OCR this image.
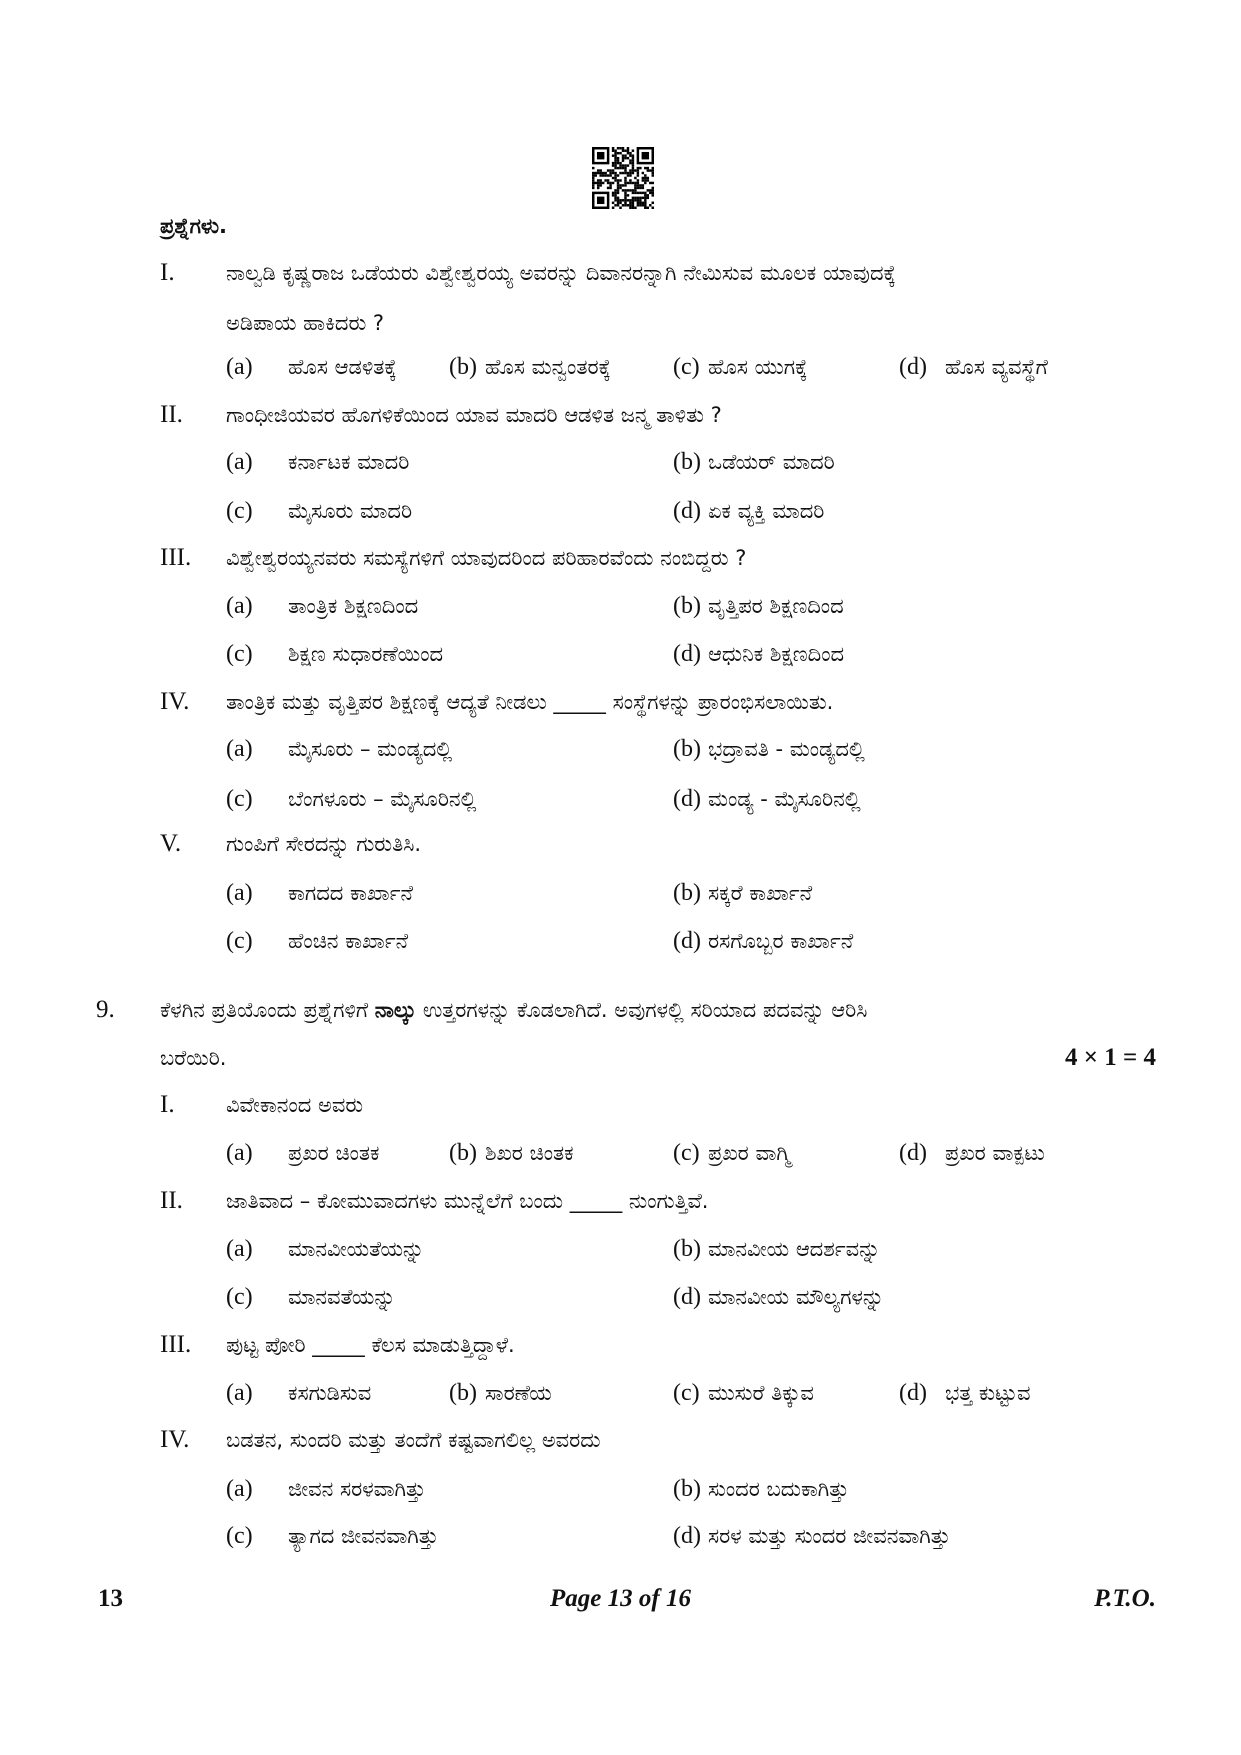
ಪ್ರಶ್ನೆಗಳು.
I. ನಾಲ್ವಡಿ ಕೃಷ್ಣರಾಜ ಒಡೆಯರು ವಿಶ್ವೇಶ್ವರಯ್ಯ ಅವರನ್ನು ದಿವಾನರನ್ನಾಗಿ ನೇಮಿಸುವ ಮೂಲಕ ಯಾವುದಕ್ಕೆ
ಅಡಿಪಾಯ ಹಾಕಿದರು ?
(a) ಹೊಸ ಆಡಳಿತಕ್ಕೆ (b) ಹೊಸ ಮನ್ವಂತರಕ್ಕೆ	(c) ಹೊಸ ಯುಗಕ್ಕೆ	(d) ಹೊಸ ವ್ಯವಸ್ಥೆಗೆ
II. ಗಾಂಧೀಜಿಯವರ ಹೊಗಳಿಕೆಯಿಂದ ಯಾವ ಮಾದರಿ ಆಡಳಿತ ಜನ್ಮ ತಾಳಿತು ?
(a) ಕರ್ನಾಟಕ ಮಾದರಿ	(b) ಒಡೆಯರ್ ಮಾದರಿ
(c) ಮೈಸೂರು ಮಾದರಿ	(d) ಏಕ ವ್ಯಕ್ತಿ ಮಾದರಿ
III. ವಿಶ್ವೇಶ್ವರಯ್ಯನವರು ಸಮಸ್ಯೆಗಳಿಗೆ ಯಾವುದರಿಂದ ಪರಿಹಾರವೆಂದು ನಂಬಿದ್ದರು ?
(a) ತಾಂತ್ರಿಕ ಶಿಕ್ಷಣದಿಂದ	(b) ವೃತ್ತಿಪರ ಶಿಕ್ಷಣದಿಂದ
(c) ಶಿಕ್ಷಣ ಸುಧಾರಣೆಯಿಂದ	(d) ಆಧುನಿಕ ಶಿಕ್ಷಣದಿಂದ
IV. ತಾಂತ್ರಿಕ ಮತ್ತು ವೃತ್ತಿಪರ ಶಿಕ್ಷಣಕ್ಕೆ ಆದ್ಯತೆ ನೀಡಲು _____ ಸಂಸ್ಥೆಗಳನ್ನು ಪ್ರಾರಂಭಿಸಲಾಯಿತು.
(a) ಮೈಸೂರು – ಮಂಡ್ಯದಲ್ಲಿ	(b) ಭದ್ರಾವತಿ - ಮಂಡ್ಯದಲ್ಲಿ
(c) ಬೆಂಗಳೂರು – ಮೈಸೂರಿನಲ್ಲಿ	(d) ಮಂಡ್ಯ - ಮೈಸೂರಿನಲ್ಲಿ
V. ಗುಂಪಿಗೆ ಸೇರದನ್ನು ಗುರುತಿಸಿ.
(a) ಕಾಗದದ ಕಾರ್ಖಾನೆ	(b) ಸಕ್ಕರೆ ಕಾರ್ಖಾನೆ
(c) ಹೆಂಚಿನ ಕಾರ್ಖಾನೆ	(d) ರಸಗೊಬ್ಬರ ಕಾರ್ಖಾನೆ
9. ಕೆಳಗಿನ ಪ್ರತಿಯೊಂದು ಪ್ರಶ್ನೆಗಳಿಗೆ ನಾಲ್ಕು ಉತ್ತರಗಳನ್ನು ಕೊಡಲಾಗಿದೆ. ಅವುಗಳಲ್ಲಿ ಸರಿಯಾದ ಪದವನ್ನು ಆರಿಸಿ
ಬರೆಯಿರಿ.	4 × 1 = 4
I. ವಿವೇಕಾನಂದ ಅವರು
(a) ಪ್ರಖರ ಚಿಂತಕ	(b) ಶಿಖರ ಚಿಂತಕ	(c) ಪ್ರಖರ ವಾಗ್ಮಿ	(d) ಪ್ರಖರ ವಾಕ್ಪಟು
II. ಜಾತಿವಾದ – ಕೋಮುವಾದಗಳು ಮುನ್ನೆಲೆಗೆ ಬಂದು _____ ನುಂಗುತ್ತಿವೆ.
(a) ಮಾನವೀಯತೆಯನ್ನು	(b) ಮಾನವೀಯ ಆದರ್ಶವನ್ನು
(c) ಮಾನವತೆಯನ್ನು	(d) ಮಾನವೀಯ ಮೌಲ್ಯಗಳನ್ನು
III. ಪುಟ್ಟ ಪೋರಿ _____ ಕೆಲಸ ಮಾಡುತ್ತಿದ್ದಾಳೆ.
(a) ಕಸಗುಡಿಸುವ	(b) ಸಾರಣೆಯ	(c) ಮುಸುರೆ ತಿಕ್ಕುವ	(d) ಭತ್ತ ಕುಟ್ಟುವ
IV. ಬಡತನ, ಸುಂದರಿ ಮತ್ತು ತಂದೆಗೆ ಕಷ್ಟವಾಗಲಿಲ್ಲ ಅವರದು
(a) ಜೀವನ ಸರಳವಾಗಿತ್ತು	(b) ಸುಂದರ ಬದುಕಾಗಿತ್ತು
(c) ತ್ಯಾಗದ ಜೀವನವಾಗಿತ್ತು	(d) ಸರಳ ಮತ್ತು ಸುಂದರ ಜೀವನವಾಗಿತ್ತು
13	Page 13 of 16	P.T.O.
